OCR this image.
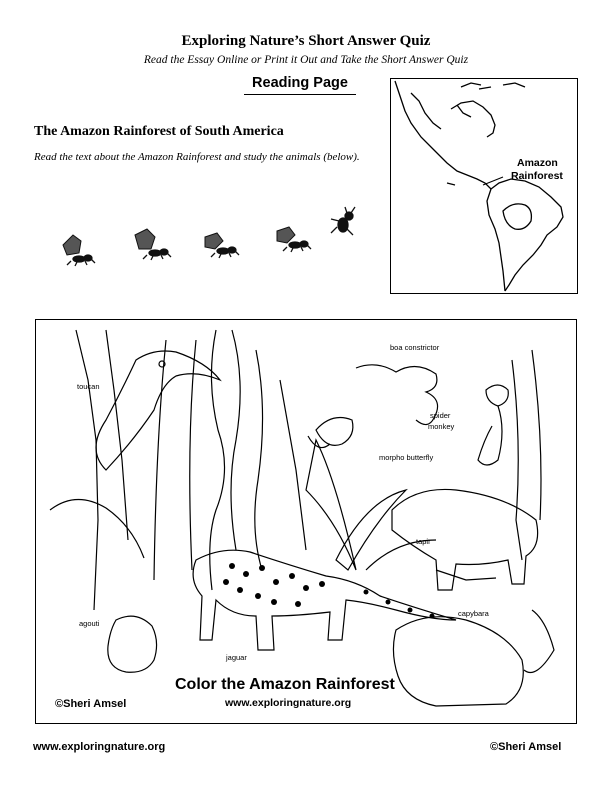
Exploring Nature’s Short Answer Quiz
Read the Essay Online or Print it Out and Take the Short Answer Quiz
Reading Page
The Amazon Rainforest of South America
Read the text about the Amazon Rainforest and study the animals (below).	Amazon
Rainforest
toucan
boa constrictor
spider
monkey
morpho butterfly
tapir
agouti
jaguar
capybara
Color the Amazon Rainforest
www.exploringnature.org
©Sheri Amsel
www.exploringnature.org	©Sheri Amsel
